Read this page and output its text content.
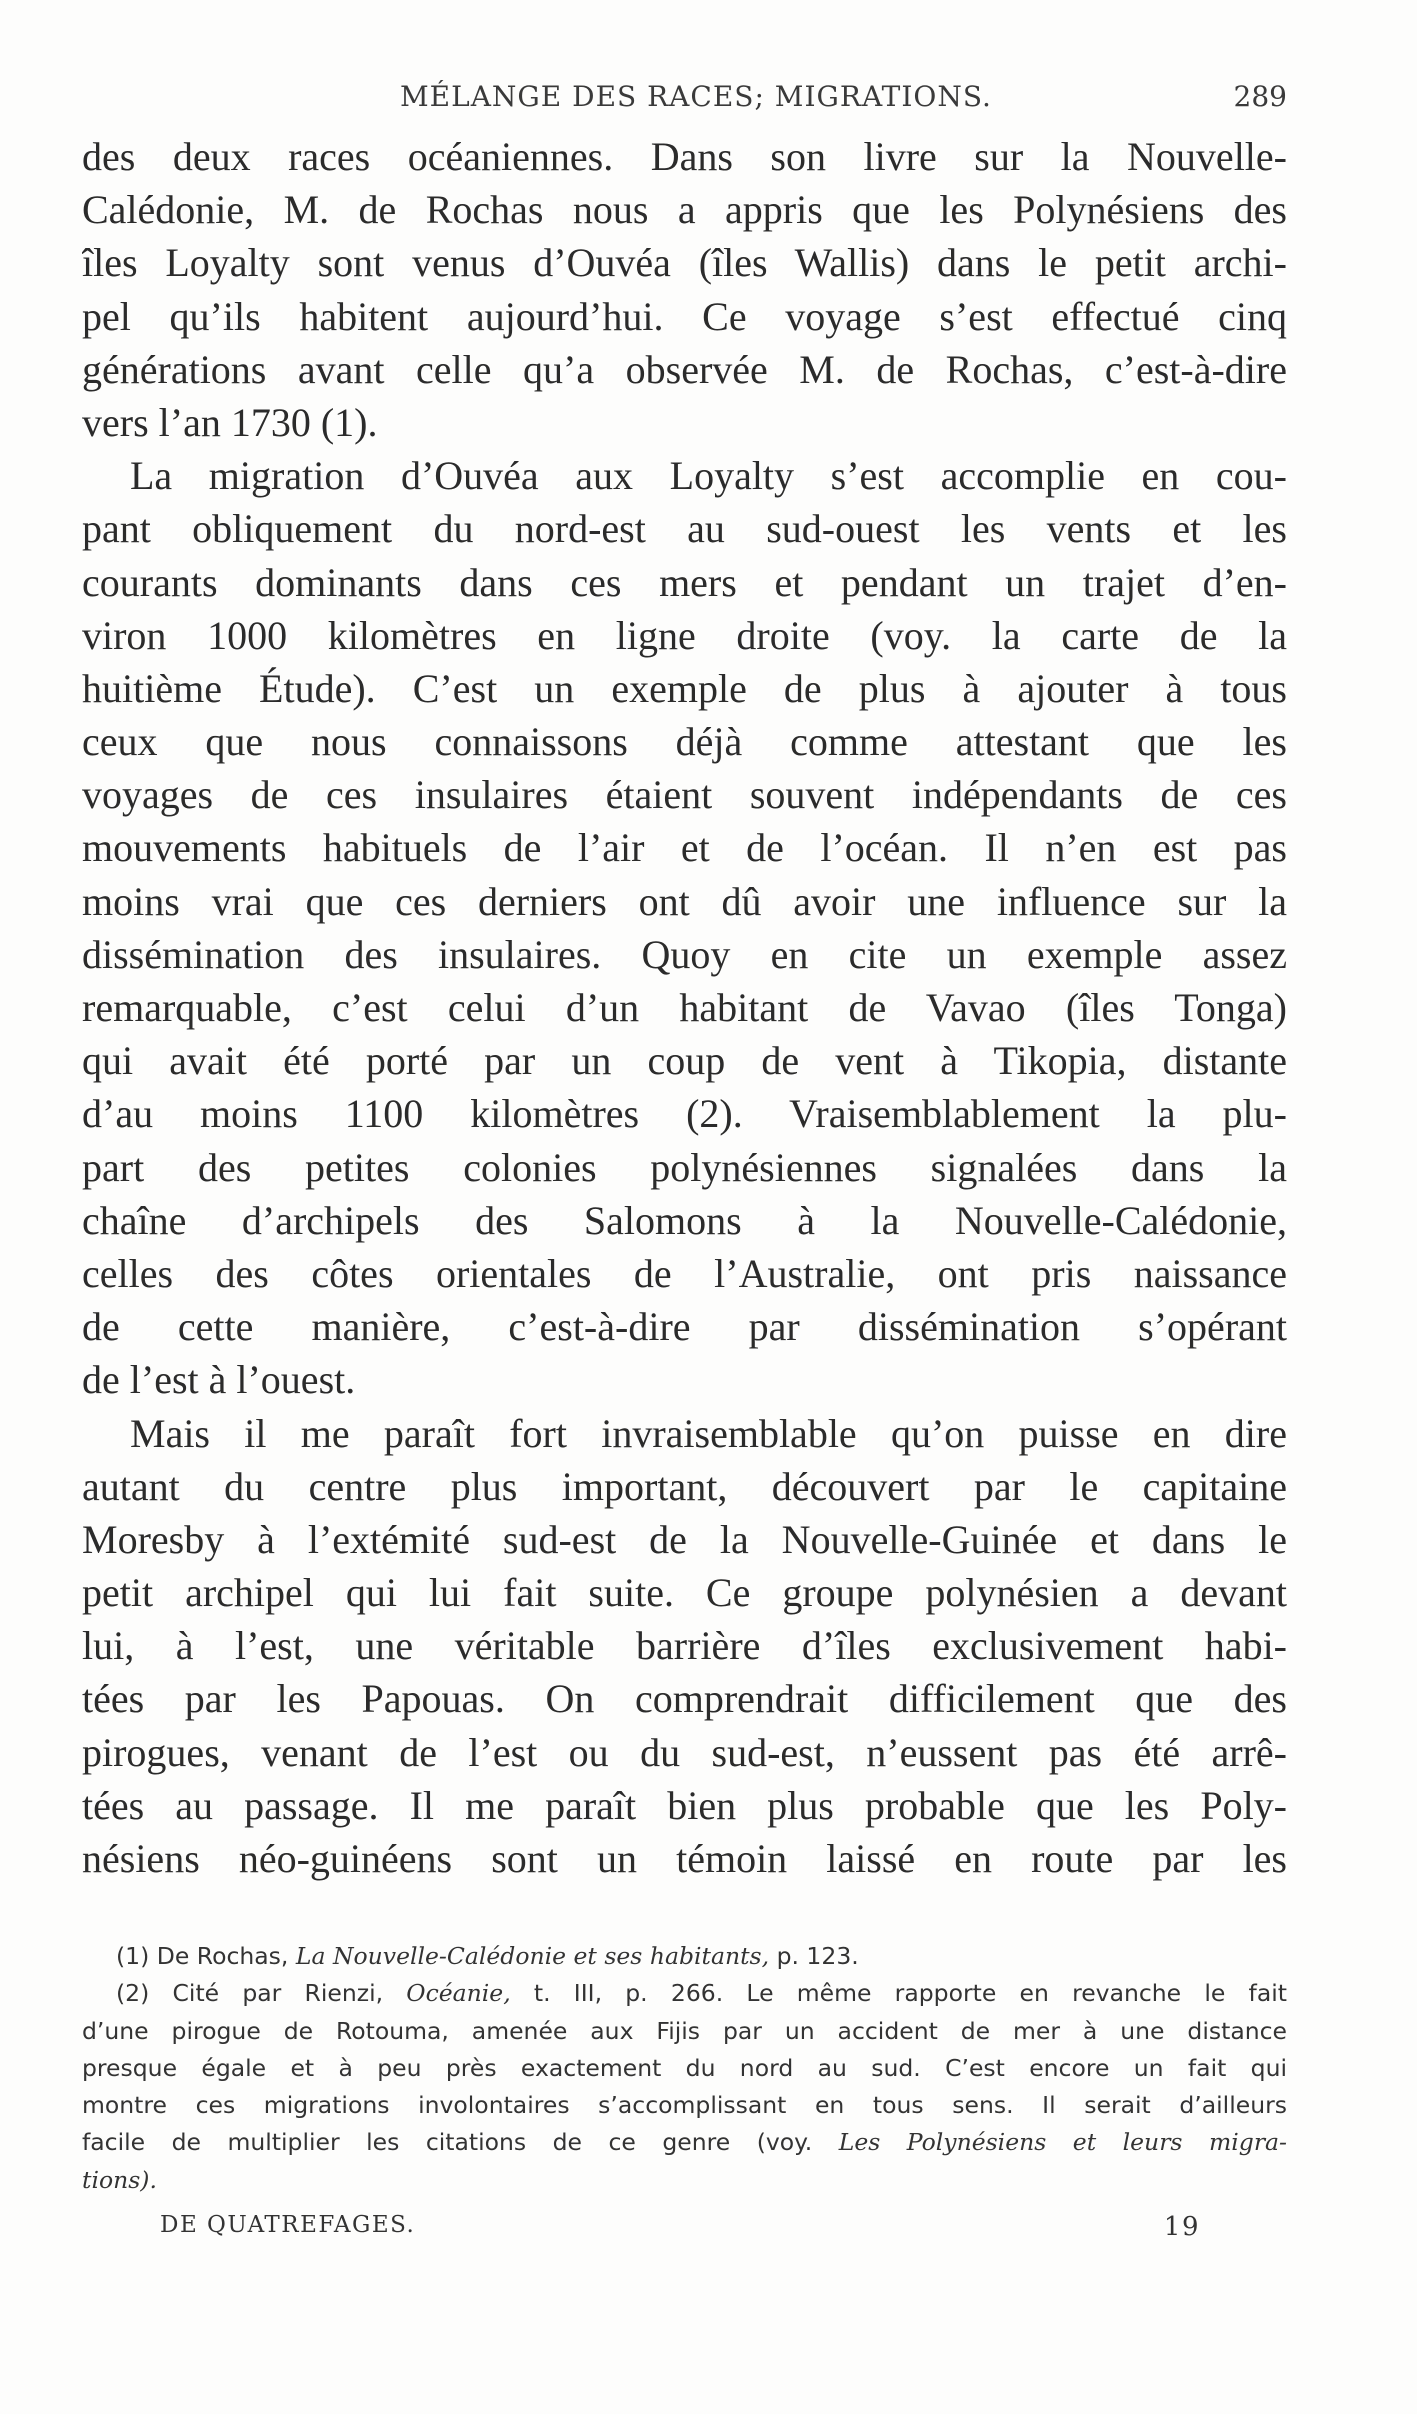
MÉLANGE DES RACES; MIGRATIONS.	289
des deux races océaniennes. Dans son livre sur la Nouvelle-
Calédonie, M. de Rochas nous a appris que les Polynésiens des
îles Loyalty sont venus d’Ouvéa (îles Wallis) dans le petit archi-
pel qu’ils habitent aujourd’hui. Ce voyage s’est effectué cinq
générations avant celle qu’a observée M. de Rochas, c’est-à-dire
vers l’an 1730 (1).
La migration d’Ouvéa aux Loyalty s’est accomplie en cou-
pant obliquement du nord-est au sud-ouest les vents et les
courants dominants dans ces mers et pendant un trajet d’en-
viron 1000 kilomètres en ligne droite (voy. la carte de la
huitième Étude). C’est un exemple de plus à ajouter à tous
ceux que nous connaissons déjà comme attestant que les
voyages de ces insulaires étaient souvent indépendants de ces
mouvements habituels de l’air et de l’océan. Il n’en est pas
moins vrai que ces derniers ont dû avoir une influence sur la
dissémination des insulaires. Quoy en cite un exemple assez
remarquable, c’est celui d’un habitant de Vavao (îles Tonga)
qui avait été porté par un coup de vent à Tikopia, distante
d’au moins 1100 kilomètres (2). Vraisemblablement la plu-
part des petites colonies polynésiennes signalées dans la
chaîne d’archipels des Salomons à la Nouvelle-Calédonie,
celles des côtes orientales de l’Australie, ont pris naissance
de cette manière, c’est-à-dire par dissémination s’opérant
de l’est à l’ouest.
Mais il me paraît fort invraisemblable qu’on puisse en dire
autant du centre plus important, découvert par le capitaine
Moresby à l’extémité sud-est de la Nouvelle-Guinée et dans le
petit archipel qui lui fait suite. Ce groupe polynésien a devant
lui, à l’est, une véritable barrière d’îles exclusivement habi-
tées par les Papouas. On comprendrait difficilement que des
pirogues, venant de l’est ou du sud-est, n’eussent pas été arrê-
tées au passage. Il me paraît bien plus probable que les Poly-
nésiens néo-guinéens sont un témoin laissé en route par les
(1) De Rochas, La Nouvelle-Calédonie et ses habitants, p. 123.
(2) Cité par Rienzi, Océanie, t. III, p. 266. Le même rapporte en revanche le fait
d’une pirogue de Rotouma, amenée aux Fijis par un accident de mer à une distance
presque égale et à peu près exactement du nord au sud. C’est encore un fait qui
montre ces migrations involontaires s’accomplissant en tous sens. Il serait d’ailleurs
facile de multiplier les citations de ce genre (voy. Les Polynésiens et leurs migra-
tions).
DE QUATREFAGES.	19
